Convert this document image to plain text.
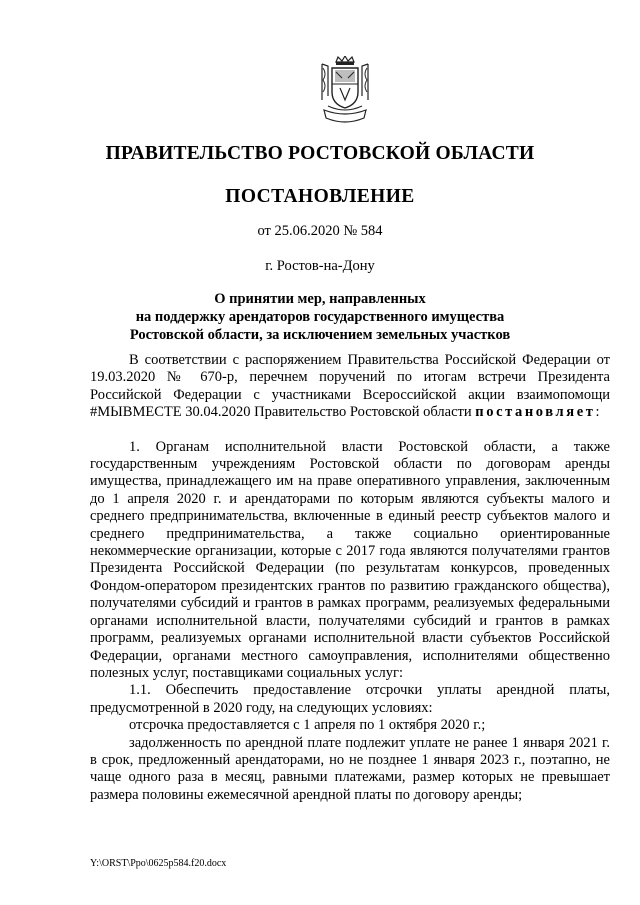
ПРАВИТЕЛЬСТВО РОСТОВСКОЙ ОБЛАСТИ
ПОСТАНОВЛЕНИЕ
от 25.06.2020 № 584
г. Ростов-на-Дону
О принятии мер, направленных
на поддержку арендаторов государственного имущества
Ростовской области, за исключением земельных участков

В соответствии с распоряжением Правительства Российской Федерации от 19.03.2020 № 670-р, перечнем поручений по итогам встречи Президента Российской Федерации с участниками Всероссийской акции взаимопомощи #МЫВМЕСТЕ 30.04.2020 Правительство Ростовской области постановляет:

1. Органам исполнительной власти Ростовской области, а также государственным учреждениям Ростовской области по договорам аренды имущества, принадлежащего им на праве оперативного управления, заключенным до 1 апреля 2020 г. и арендаторами по которым являются субъекты малого и среднего предпринимательства, включенные в единый реестр субъектов малого и среднего предпринимательства, а также социально ориентированные некоммерческие организации, которые с 2017 года являются получателями грантов Президента Российской Федерации (по результатам конкурсов, проведенных Фондом-оператором президентских грантов по развитию гражданского общества), получателями субсидий и грантов в рамках программ, реализуемых федеральными органами исполнительной власти, получателями субсидий и грантов в рамках программ, реализуемых органами исполнительной власти субъектов Российской Федерации, органами местного самоуправления, исполнителями общественно полезных услуг, поставщиками социальных услуг:

1.1. Обеспечить предоставление отсрочки уплаты арендной платы, предусмотренной в 2020 году, на следующих условиях:

отсрочка предоставляется с 1 апреля по 1 октября 2020 г.;

задолженность по арендной плате подлежит уплате не ранее 1 января 2021 г. в срок, предложенный арендаторами, но не позднее 1 января 2023 г., поэтапно, не чаще одного раза в месяц, равными платежами, размер которых не превышает размера половины ежемесячной арендной платы по договору аренды;

Y:\ORST\Ppo\0625p584.f20.docx
